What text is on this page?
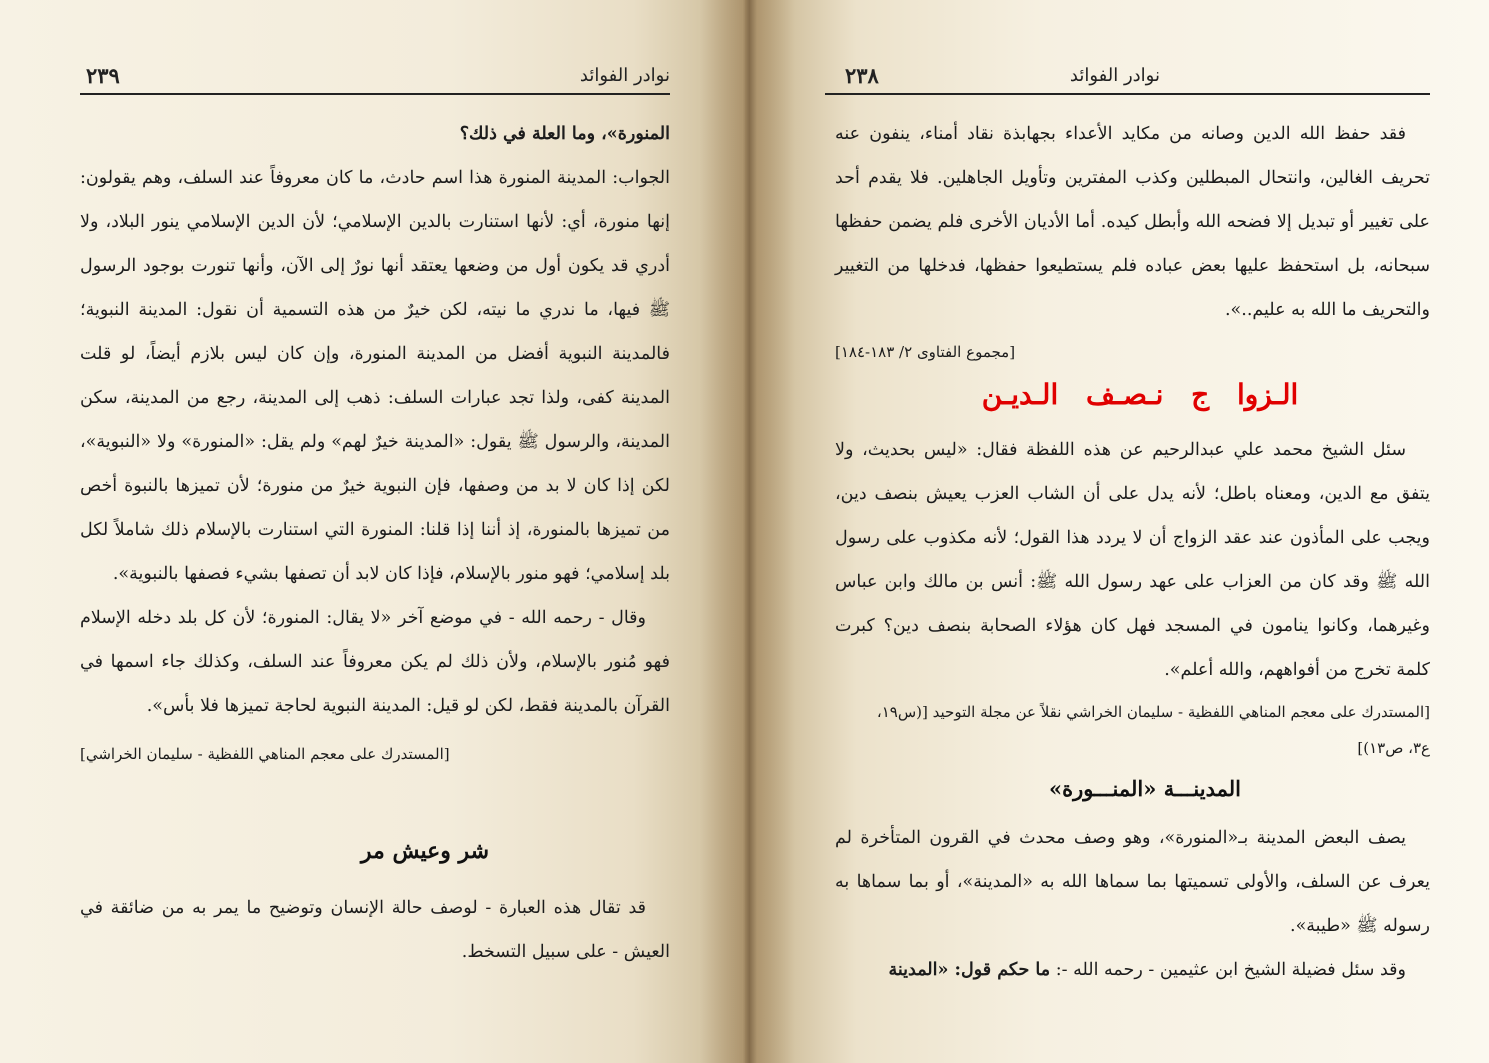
٢٣٩	نوادر الفوائد

المنورة»، وما العلة في ذلك؟

الجواب: المدينة المنورة هذا اسم حادث، ما كان معروفاً عند السلف، وهم يقولون: إنها منورة، أي: لأنها استنارت بالدين الإسلامي؛ لأن الدين الإسلامي ينور البلاد، ولا أدري قد يكون أول من وضعها يعتقد أنها نورٌ إلى الآن، وأنها تنورت بوجود الرسول ﷺ فيها، ما ندري ما نيته، لكن خيرٌ من هذه التسمية أن نقول: المدينة النبوية؛ فالمدينة النبوية أفضل من المدينة المنورة، وإن كان ليس بلازم أيضاً، لو قلت المدينة كفى، ولذا تجد عبارات السلف: ذهب إلى المدينة، رجع من المدينة، سكن المدينة، والرسول ﷺ يقول: «المدينة خيرٌ لهم» ولم يقل: «المنورة» ولا «النبوية»، لكن إذا كان لا بد من وصفها، فإن النبوية خيرٌ من منورة؛ لأن تميزها بالنبوة أخص من تميزها بالمنورة، إذ أننا إذا قلنا: المنورة التي استنارت بالإسلام ذلك شاملاً لكل بلد إسلامي؛ فهو منور بالإسلام، فإذا كان لابد أن تصفها بشيء فصفها بالنبوية».

وقال - رحمه الله - في موضع آخر «لا يقال: المنورة؛ لأن كل بلد دخله الإسلام فهو مُنور بالإسلام، ولأن ذلك لم يكن معروفاً عند السلف، وكذلك جاء اسمها في القرآن بالمدينة فقط، لكن لو قيل: المدينة النبوية لحاجة تميزها فلا بأس».

[المستدرك على معجم المناهي اللفظية - سليمان الخراشي]

شر وعيش مر

قد تقال هذه العبارة - لوصف حالة الإنسان وتوضيح ما يمر به من ضائقة في العيش - على سبيل التسخط.

٢٣٨	نوادر الفوائد

فقد حفظ الله الدين وصانه من مكايد الأعداء بجهابذة نقاد أمناء، ينفون عنه تحريف الغالين، وانتحال المبطلين وكذب المفترين وتأويل الجاهلين. فلا يقدم أحد على تغيير أو تبديل إلا فضحه الله وأبطل كيده. أما الأديان الأخرى فلم يضمن حفظها سبحانه، بل استحفظ عليها بعض عباده فلم يستطيعوا حفظها، فدخلها من التغيير والتحريف ما الله به عليم..».

[مجموع الفتاوى ٢/ ١٨٣-١٨٤]

الـزوا ج نـصـف الـديـن

سئل الشيخ محمد علي عبدالرحيم عن هذه اللفظة فقال: «ليس بحديث، ولا يتفق مع الدين، ومعناه باطل؛ لأنه يدل على أن الشاب العزب يعيش بنصف دين، ويجب على المأذون عند عقد الزواج أن لا يردد هذا القول؛ لأنه مكذوب على رسول الله ﷺ وقد كان من العزاب على عهد رسول الله ﷺ: أنس بن مالك وابن عباس وغيرهما، وكانوا ينامون في المسجد فهل كان هؤلاء الصحابة بنصف دين؟ كبرت كلمة تخرج من أفواههم، والله أعلم».

[المستدرك على معجم المناهي اللفظية - سليمان الخراشي نقلاً عن مجلة التوحيد [(س١٩،

ع٣، ص١٣)]

المدينـــة «المنـــورة»

يصف البعض المدينة بـ«المنورة»، وهو وصف محدث في القرون المتأخرة لم يعرف عن السلف، والأولى تسميتها بما سماها الله به «المدينة»، أو بما سماها به رسوله ﷺ «طيبة».

وقد سئل فضيلة الشيخ ابن عثيمين - رحمه الله -: ما حكم قول: «المدينة
